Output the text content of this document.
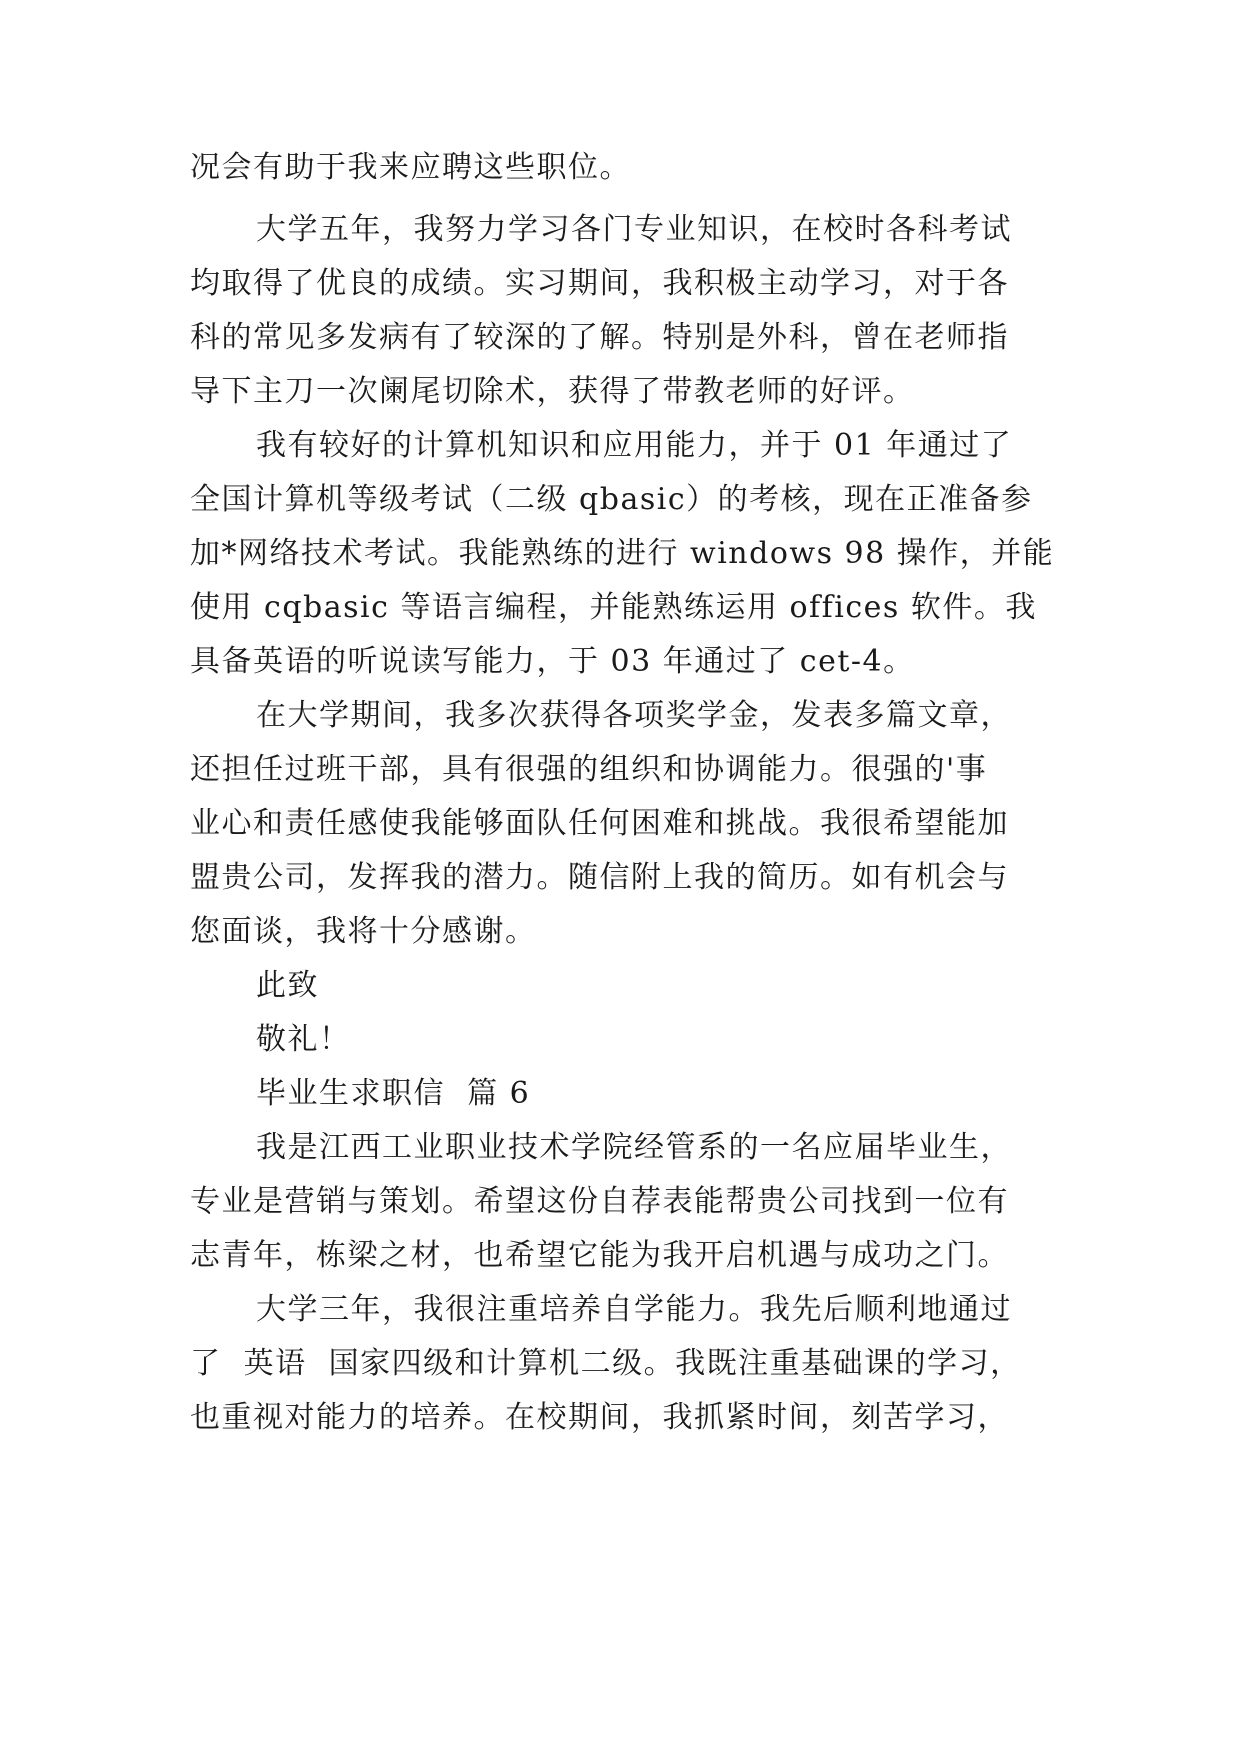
况会有助于我来应聘这些职位。
大学五年，我努力学习各门专业知识，在校时各科考试
均取得了优良的成绩。实习期间，我积极主动学习，对于各
科的常见多发病有了较深的了解。特别是外科，曾在老师指
导下主刀一次阑尾切除术，获得了带教老师的好评。
我有较好的计算机知识和应用能力，并于 01 年通过了
全国计算机等级考试（二级 qbasic）的考核，现在正准备参
加*网络技术考试。我能熟练的进行 windows 98 操作，并能
使用 cqbasic 等语言编程，并能熟练运用 offices 软件。我
具备英语的听说读写能力，于 03 年通过了 cet-4。
在大学期间，我多次获得各项奖学金，发表多篇文章，
还担任过班干部，具有很强的组织和协调能力。很强的'事
业心和责任感使我能够面队任何困难和挑战。我很希望能加
盟贵公司，发挥我的潜力。随信附上我的简历。如有机会与
您面谈，我将十分感谢。
此致
敬礼！
毕业生求职信  篇 6
我是江西工业职业技术学院经管系的一名应届毕业生，
专业是营销与策划。希望这份自荐表能帮贵公司找到一位有
志青年，栋梁之材，也希望它能为我开启机遇与成功之门。
大学三年，我很注重培养自学能力。我先后顺利地通过
了  英语  国家四级和计算机二级。我既注重基础课的学习，
也重视对能力的培养。在校期间，我抓紧时间，刻苦学习，
